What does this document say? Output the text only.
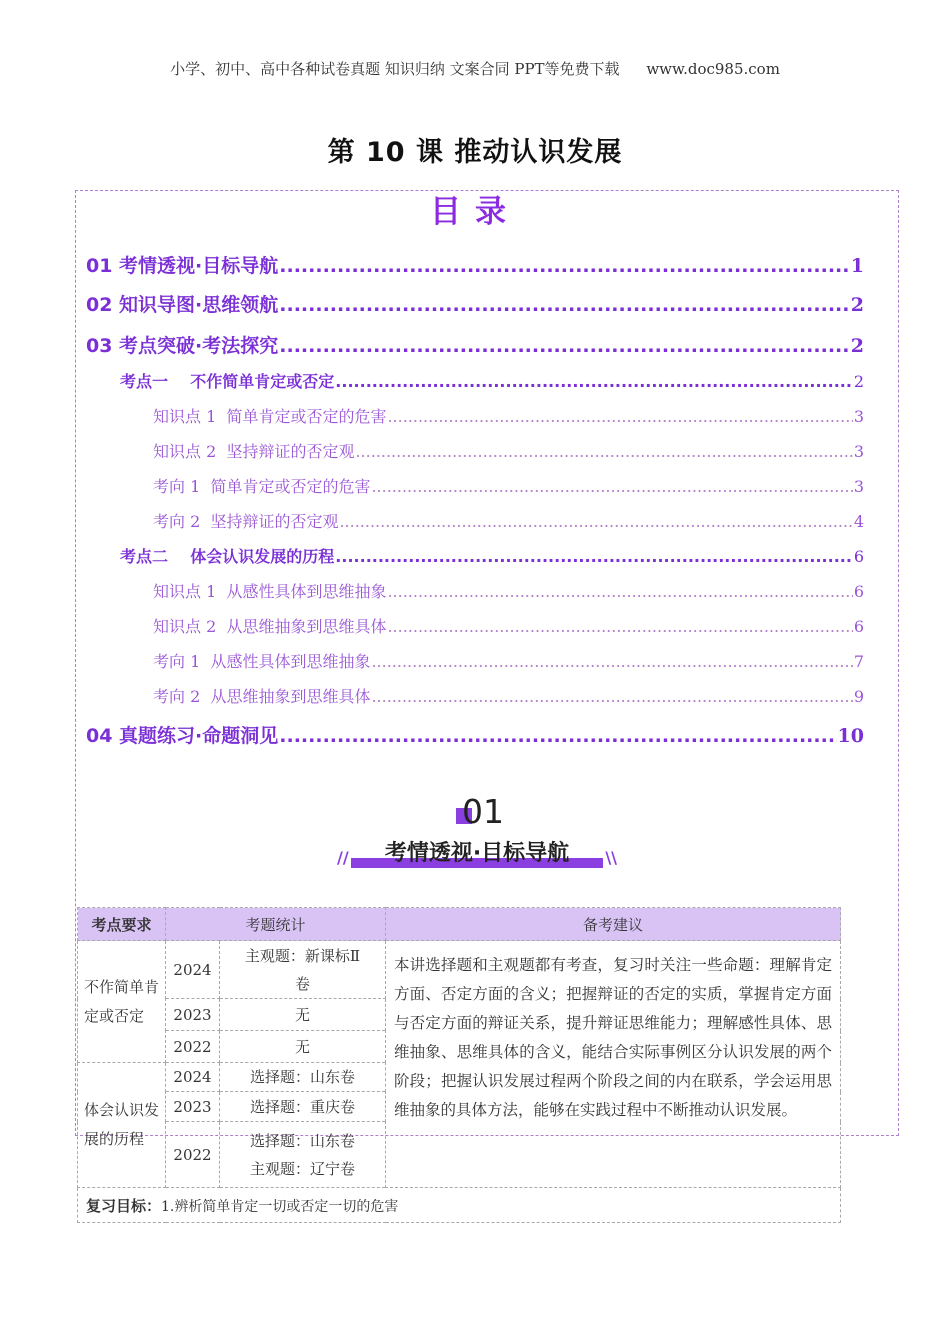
小学、初中、高中各种试卷真题 知识归纳 文案合同 PPT等免费下载 www.doc985.com
第 10 课 推动认识发展
目录
01 考情透视·目标导航 .....	1
02 知识导图·思维领航 .....	2
03 考点突破·考法探究 .....	2
考点一    不作简单肯定或否定 .....	2
知识点 1  简单肯定或否定的危害 .....	3
知识点 2  坚持辩证的否定观 .....	3
考向 1  简单肯定或否定的危害 .....	3
考向 2  坚持辩证的否定观 .....	4
考点二    体会认识发展的历程 .....	6
知识点 1  从感性具体到思维抽象 .....	6
知识点 2  从思维抽象到思维具体 .....	6
考向 1  从感性具体到思维抽象 .....	7
考向 2  从思维抽象到思维具体 .....	9
04 真题练习·命题洞见 .....	10
01
//	考情透视·目标导航	\\
考点要求	考题统计		备考建议
不作简单肯定或否定	2024	主观题：新课标Ⅱ卷	本讲选择题和主观题都有考查，复习时关注一些命题：理解肯定方面、否定方面的含义；把握辩证的否定的实质，掌握肯定方面与否定方面的辩证关系，提升辩证思维能力；理解感性具体、思维抽象、思维具体的含义，能结合实际事例区分认识发展的两个阶段；把握认识发展过程两个阶段之间的内在联系，学会运用思维抽象的具体方法，能够在实践过程中不断推动认识发展。
	2023	无	
	2022	无	
体会认识发展的历程	2024	选择题：山东卷	
	2023	选择题：重庆卷	
	2022	选择题：山东卷 主观题：辽宁卷	
复习目标：1.辨析简单肯定一切或否定一切的危害			
